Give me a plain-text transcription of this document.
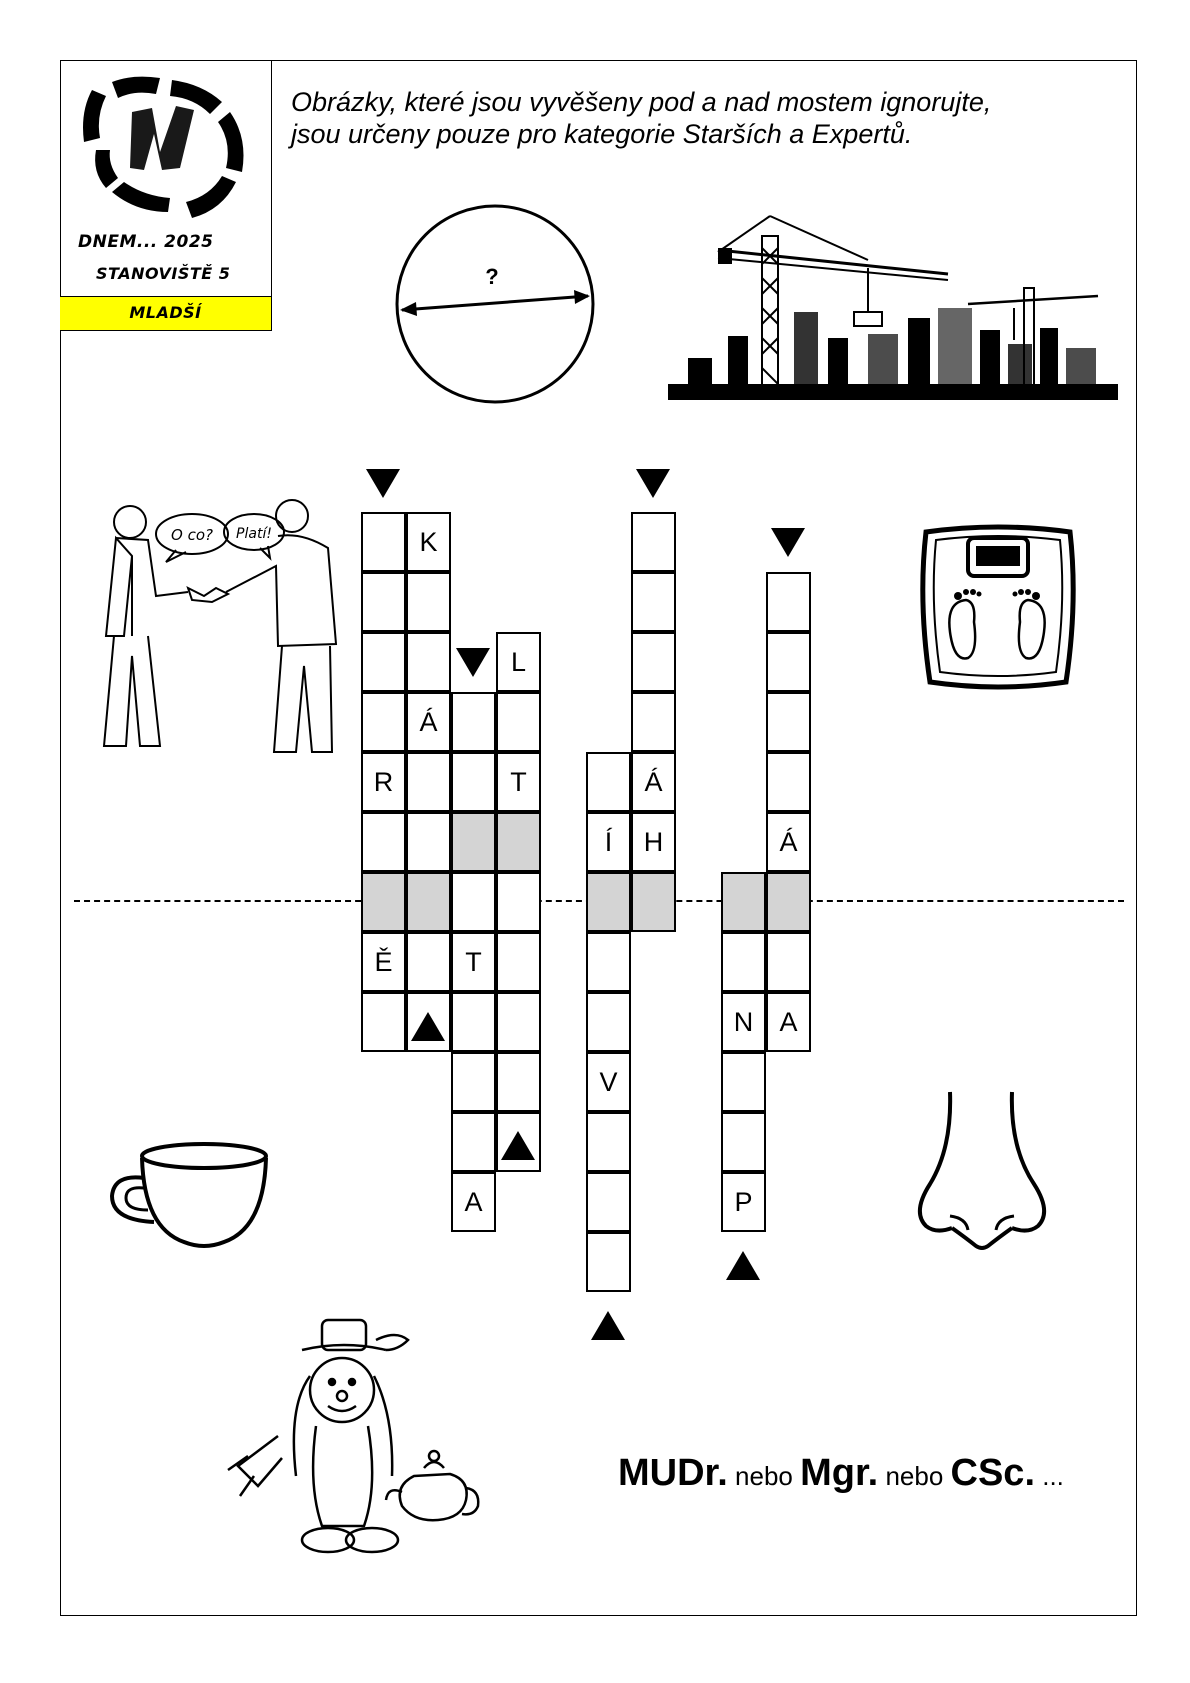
DNEM... 2025
STANOVIŠTĚ 5
MLADŠÍ
Obrázky, které jsou vyvěšeny pod a nad mostem ignorujte,
jsou určeny pouze pro kategorie Starších a Expertů.
?
O co? Platí!
MUDr. nebo Mgr. nebo CSc. ...
R
Ě
K
Á
T
A
L
T
Í
V
Á
H
N
P
Á
A
